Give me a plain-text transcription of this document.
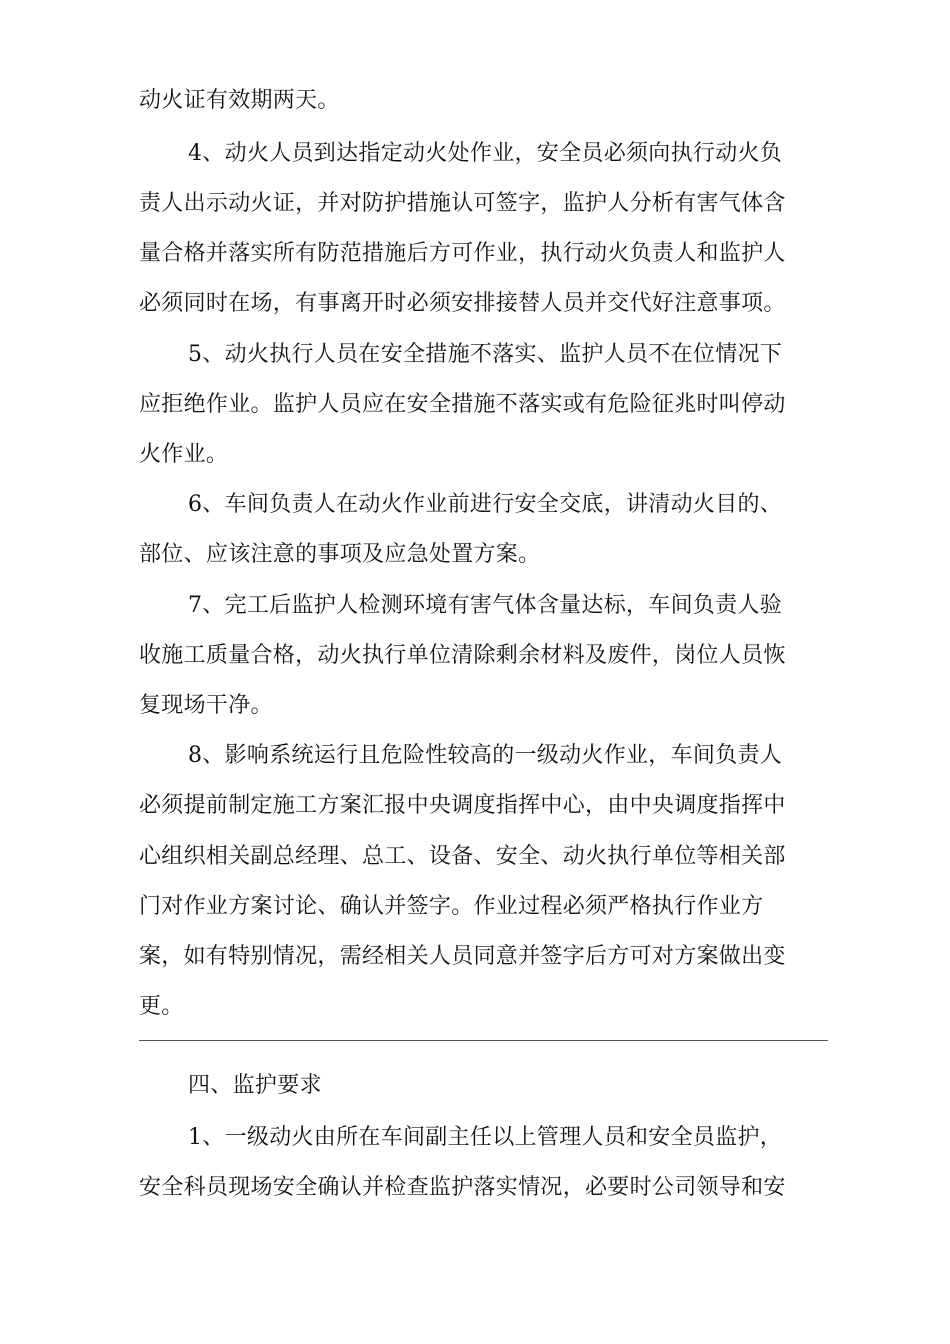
动火证有效期两天。
4、动火人员到达指定动火处作业，安全员必须向执行动火负
责人出示动火证，并对防护措施认可签字，监护人分析有害气体含
量合格并落实所有防范措施后方可作业，执行动火负责人和监护人
必须同时在场，有事离开时必须安排接替人员并交代好注意事项。
5、动火执行人员在安全措施不落实、监护人员不在位情况下
应拒绝作业。监护人员应在安全措施不落实或有危险征兆时叫停动
火作业。
6、车间负责人在动火作业前进行安全交底，讲清动火目的、
部位、应该注意的事项及应急处置方案。
7、完工后监护人检测环境有害气体含量达标，车间负责人验
收施工质量合格，动火执行单位清除剩余材料及废件，岗位人员恢
复现场干净。
8、影响系统运行且危险性较高的一级动火作业，车间负责人
必须提前制定施工方案汇报中央调度指挥中心，由中央调度指挥中
心组织相关副总经理、总工、设备、安全、动火执行单位等相关部
门对作业方案讨论、确认并签字。作业过程必须严格执行作业方
案，如有特别情况，需经相关人员同意并签字后方可对方案做出变
更。
四、监护要求
1、一级动火由所在车间副主任以上管理人员和安全员监护，
安全科员现场安全确认并检查监护落实情况，必要时公司领导和安
